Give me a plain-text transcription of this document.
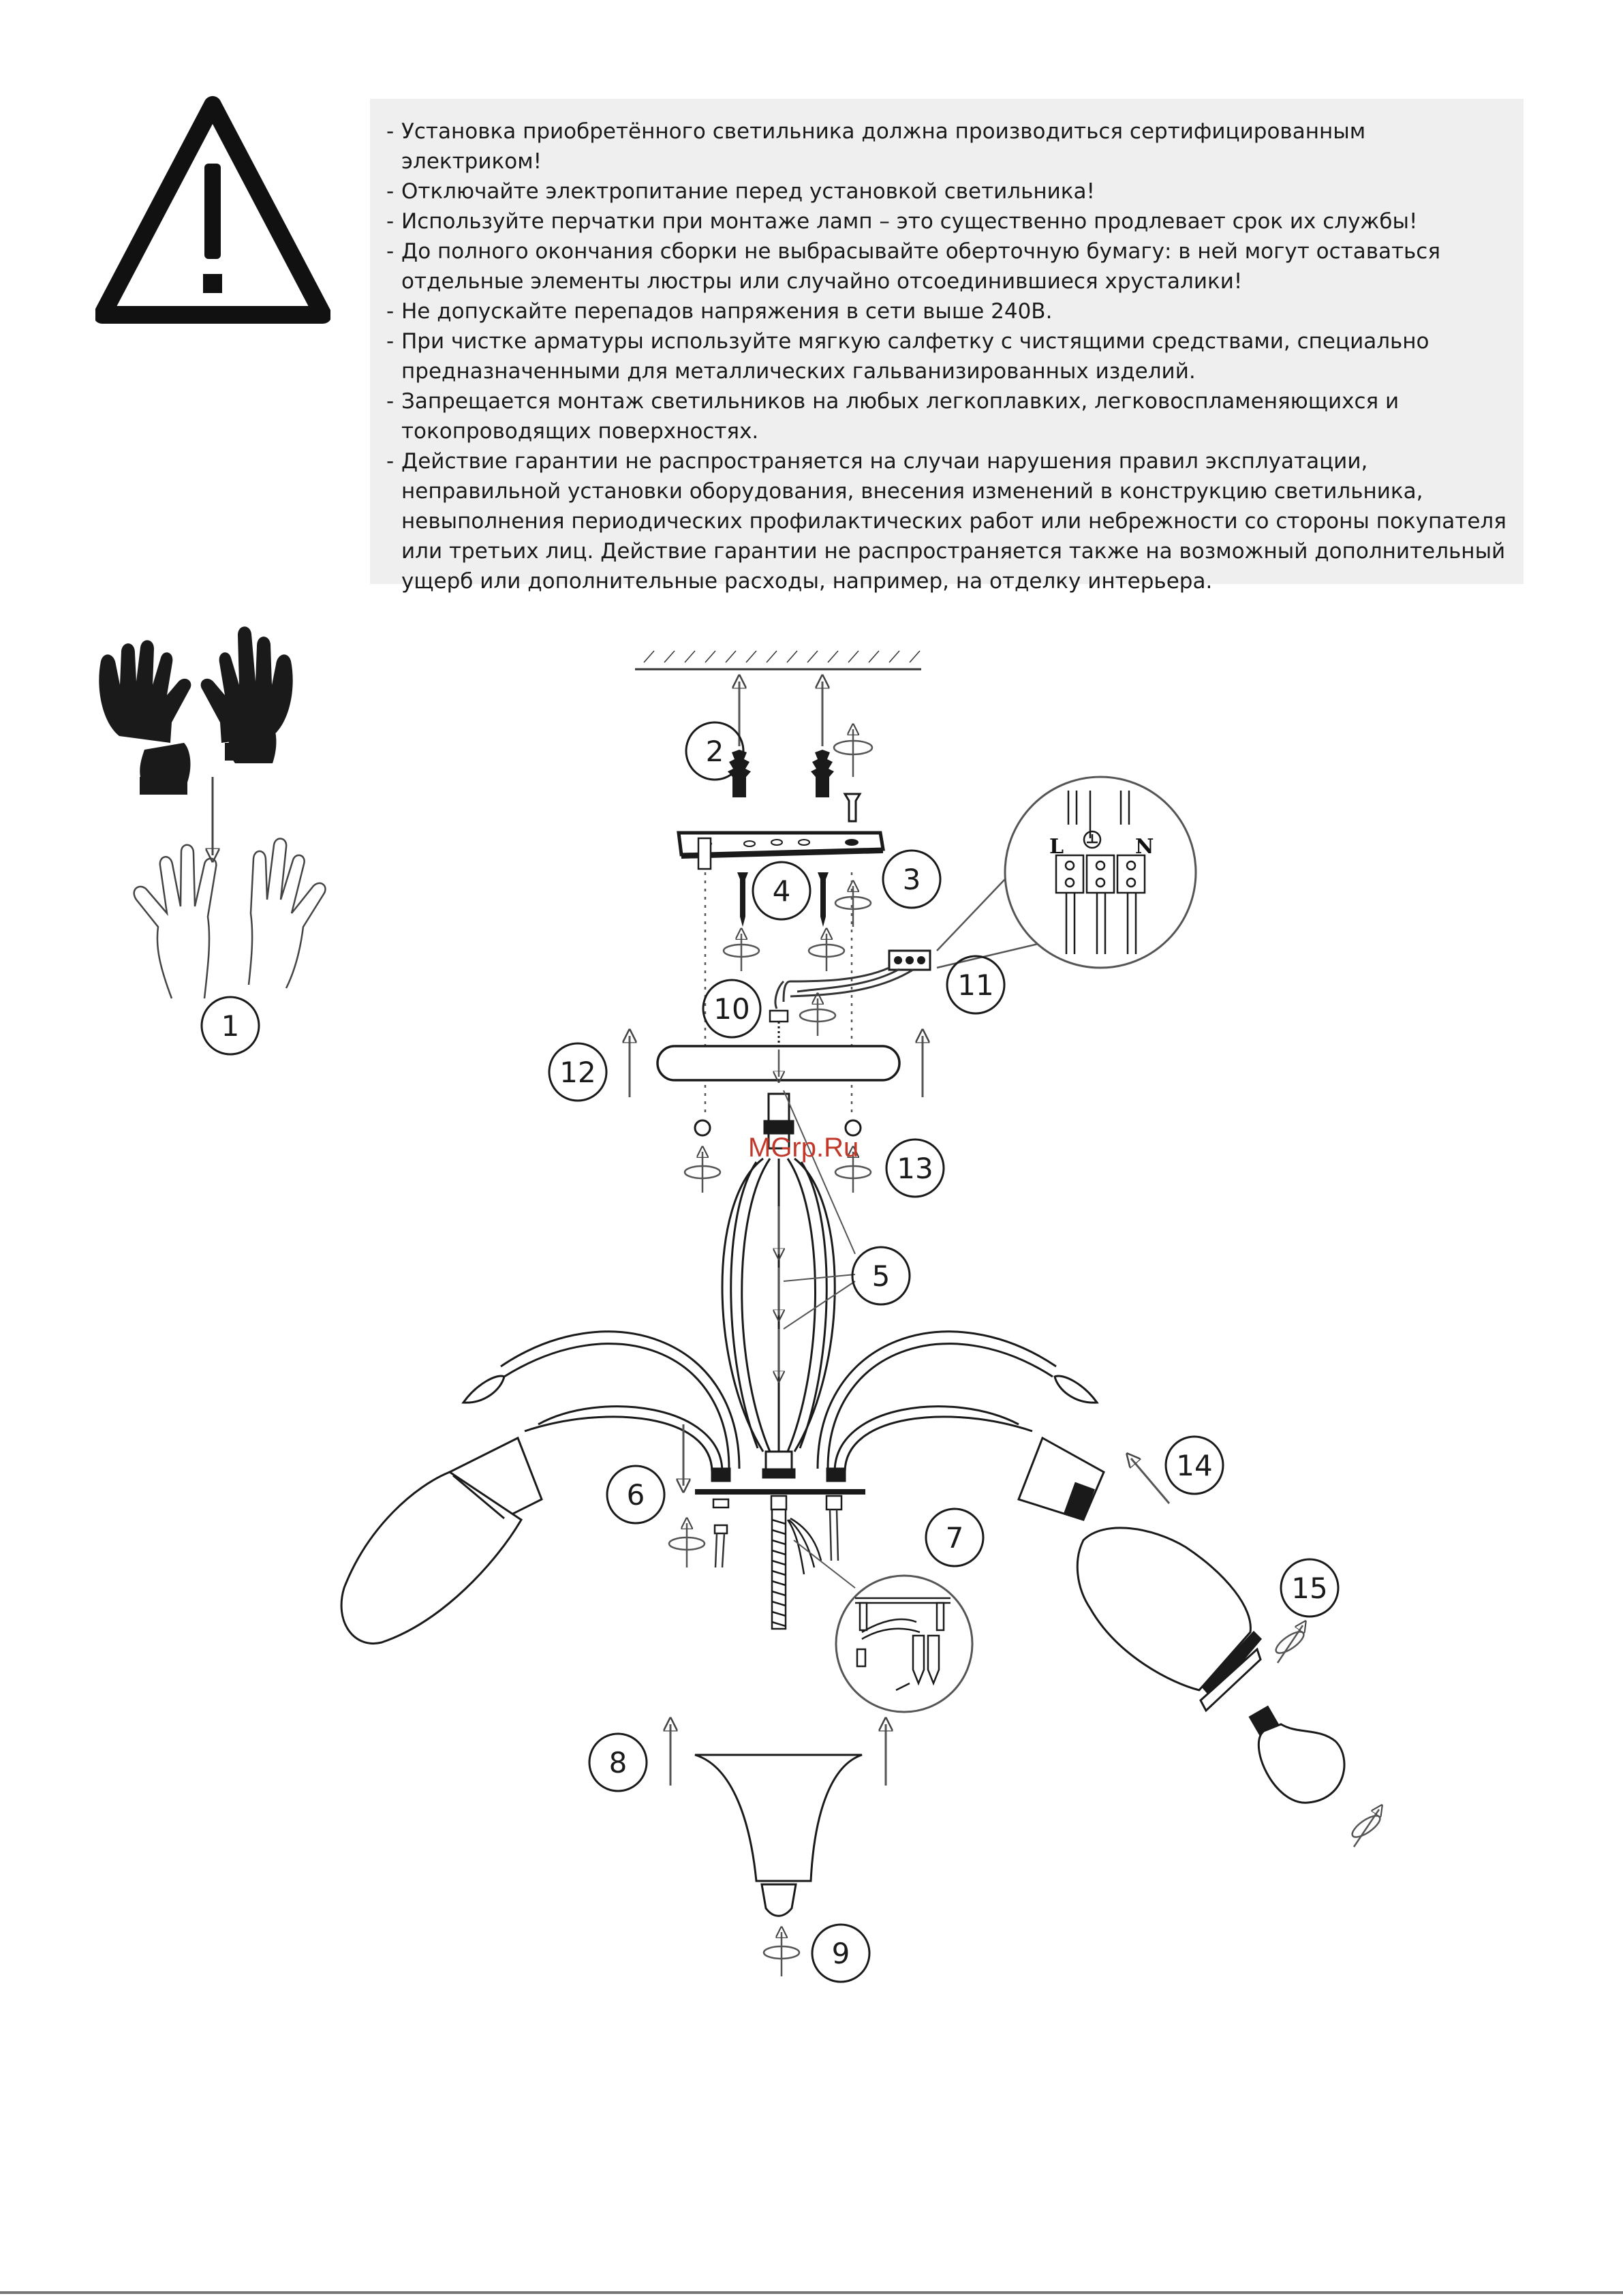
- Установка приобретённого светильника должна производиться сертифицированным электриком!
- Отключайте электропитание перед установкой светильника!
- Используйте перчатки при монтаже ламп – это существенно продлевает срок их службы!
- До полного окончания сборки не выбрасывайте оберточную бумагу: в ней могут оставаться отдельные элементы люстры или случайно отсоединившиеся хрусталики!
- Не допускайте перепадов напряжения в сети выше 240В.
- При чистке арматуры используйте мягкую салфетку с чистящими средствами, специально предназначенными для металлических гальванизированных изделий.
- Запрещается монтаж светильников на любых легкоплавких, легковоспламеняющихся и токопроводящих поверхностях.
- Действие гарантии не распространяется на случаи нарушения правил эксплуатации, неправильной установки оборудования, внесения изменений в конструкцию светильника, невыполнения периодических профилактических работ или небрежности со стороны покупателя или третьих лиц. Действие гарантии не распространяется также на возможный дополнительный ущерб или дополнительные расходы, например, на отделку интерьера.
1
2
3
4
L	N
11
10
12
13
5
MGrp.Ru
6
7
14
15
8
9
